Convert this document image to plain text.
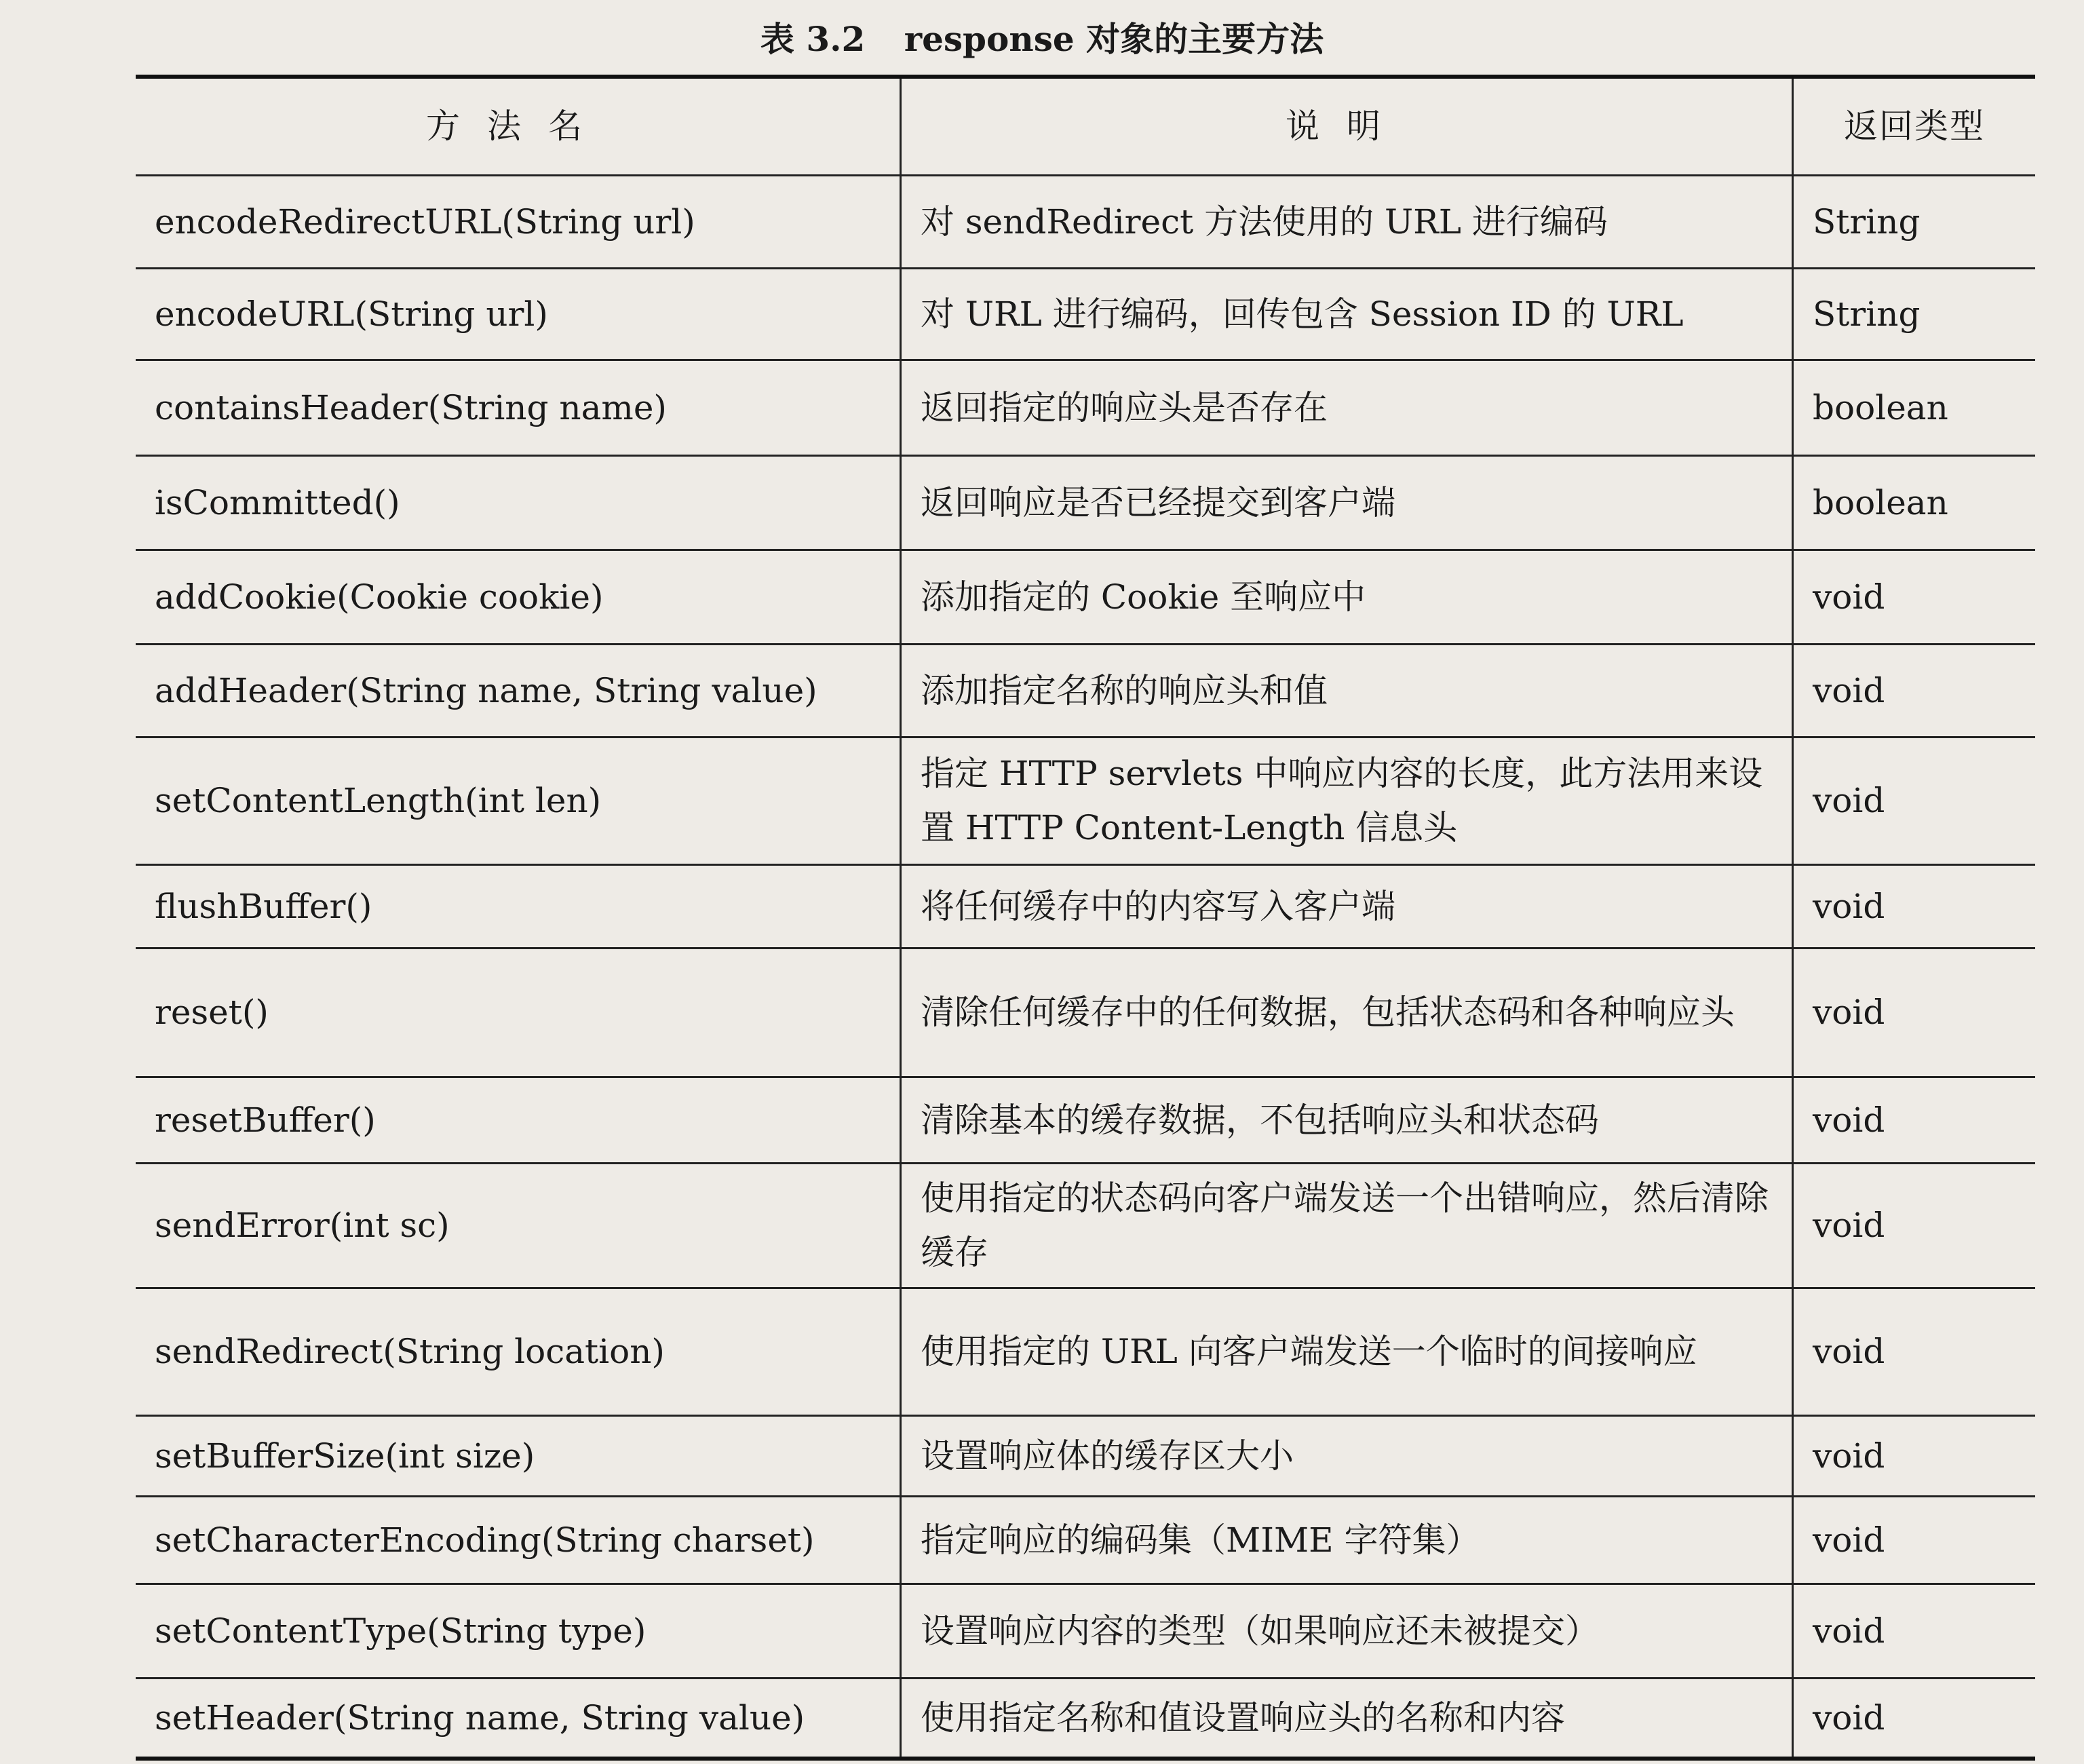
表 3.2 response 对象的主要方法
方法名	说明	返回类型
encodeRedirectURL(String url)	对 sendRedirect 方法使用的 URL 进行编码	String
encodeURL(String url)	对 URL 进行编码，回传包含 Session ID 的 URL	String
containsHeader(String name)	返回指定的响应头是否存在	boolean
isCommitted()	返回响应是否已经提交到客户端	boolean
addCookie(Cookie cookie)	添加指定的 Cookie 至响应中	void
addHeader(String name, String value)	添加指定名称的响应头和值	void
setContentLength(int len)	指定 HTTP servlets 中响应内容的长度，此方法用来设置 HTTP Content-Length 信息头	void
flushBuffer()	将任何缓存中的内容写入客户端	void
reset()	清除任何缓存中的任何数据，包括状态码和各种响应头	void
resetBuffer()	清除基本的缓存数据，不包括响应头和状态码	void
sendError(int sc)	使用指定的状态码向客户端发送一个出错响应，然后清除缓存	void
sendRedirect(String location)	使用指定的 URL 向客户端发送一个临时的间接响应	void
setBufferSize(int size)	设置响应体的缓存区大小	void
setCharacterEncoding(String charset)	指定响应的编码集（MIME 字符集）	void
setContentType(String type)	设置响应内容的类型（如果响应还未被提交）	void
setHeader(String name, String value)	使用指定名称和值设置响应头的名称和内容	void
